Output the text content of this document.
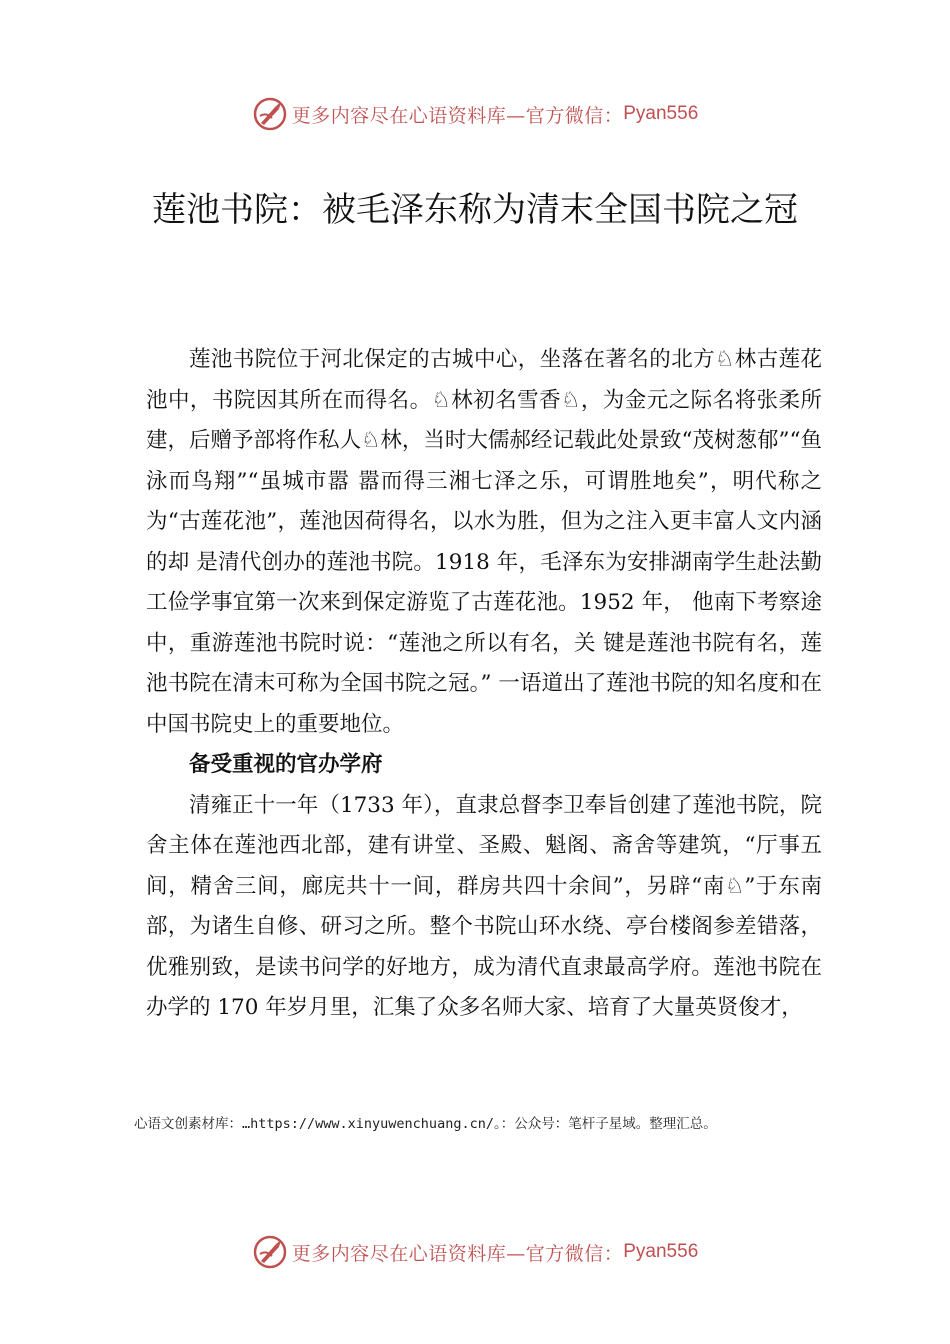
更多内容尽在心语资料库—官方微信： Pyan556
莲池书院：被毛泽东称为清末全国书院之冠

莲池书院位于河北保定的古城中心，坐落在著名的北方♘林古莲花池中，书院因其所在而得名。♘林初名雪香♘，为金元之际名将张柔所建，后赠予部将作私人♘林，当时大儒郝经记载此处景致“茂树葱郁”“鱼泳而鸟翔”“虽城市嚣 嚣而得三湘七泽之乐，可谓胜地矣”，明代称之为“古莲花池”，莲池因荷得名，以水为胜，但为之注入更丰富人文内涵的却 是清代创办的莲池书院。1918 年，毛泽东为安排湖南学生赴法勤工俭学事宜第一次来到保定游览了古莲花池。1952 年， 他南下考察途中，重游莲池书院时说：“莲池之所以有名，关 键是莲池书院有名，莲池书院在清末可称为全国书院之冠。” 一语道出了莲池书院的知名度和在中国书院史上的重要地位。

备受重视的官办学府

清雍正十一年（1733 年），直隶总督李卫奉旨创建了莲池书院，院舍主体在莲池西北部，建有讲堂、圣殿、魁阁、斋舍等建筑，“厅事五间，精舍三间，廊庑共十一间，群房共四十余间”，另辟“南♘”于东南部，为诸生自修、研习之所。整个书院山环水绕、亭台楼阁参差错落，优雅别致，是读书问学的好地方，成为清代直隶最高学府。莲池书院在办学的 170 年岁月里，汇集了众多名师大家、培育了大量英贤俊才，

心语文创素材库：…https://www.xinyuwenchuang.cn/。：公众号：笔杆子星域。整理汇总。
更多内容尽在心语资料库—官方微信： Pyan556
